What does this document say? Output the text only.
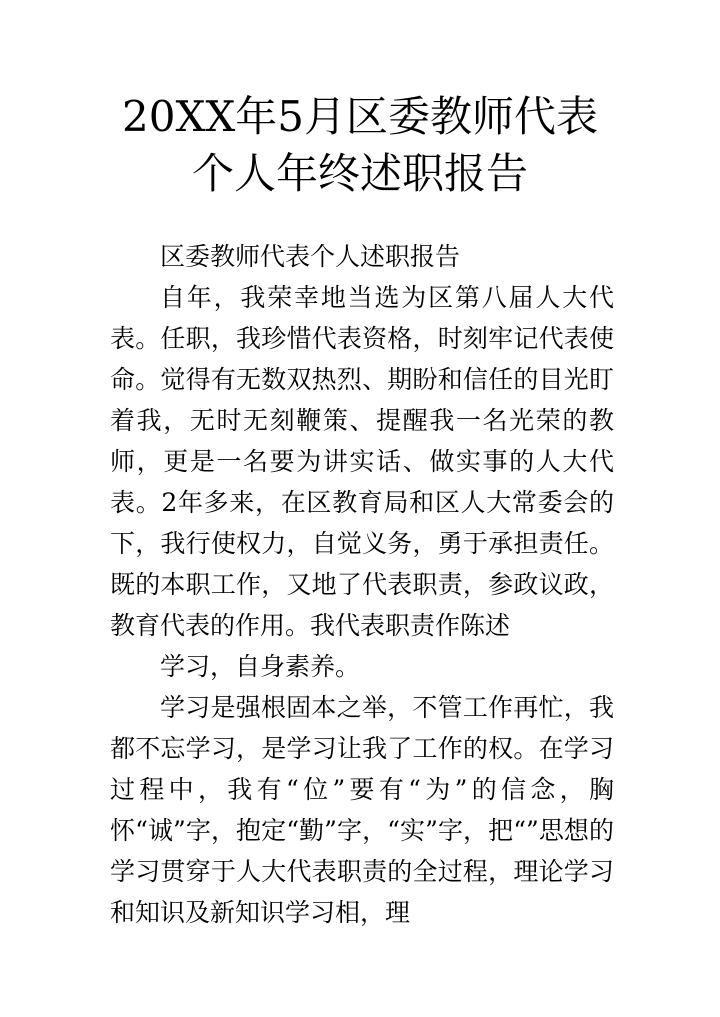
20XX年5月区委教师代表
个人年终述职报告

区委教师代表个人述职报告

自年，我荣幸地当选为区第八届人大代表。任职，我珍惜代表资格，时刻牢记代表使命。觉得有无数双热烈、期盼和信任的目光盯着我，无时无刻鞭策、提醒我一名光荣的教师，更是一名要为讲实话、做实事的人大代表。2年多来，在区教育局和区人大常委会的下，我行使权力，自觉义务，勇于承担责任。既的本职工作，又地了代表职责，参政议政，教育代表的作用。我代表职责作陈述

学习，自身素养。

学习是强根固本之举，不管工作再忙，我都不忘学习，是学习让我了工作的权。在学习过程中，我有“位”要有“为”的信念，胸怀“诚”字，抱定“勤”字，“实”字，把“”思想的学习贯穿于人大代表职责的全过程，理论学习和知识及新知识学习相，理
